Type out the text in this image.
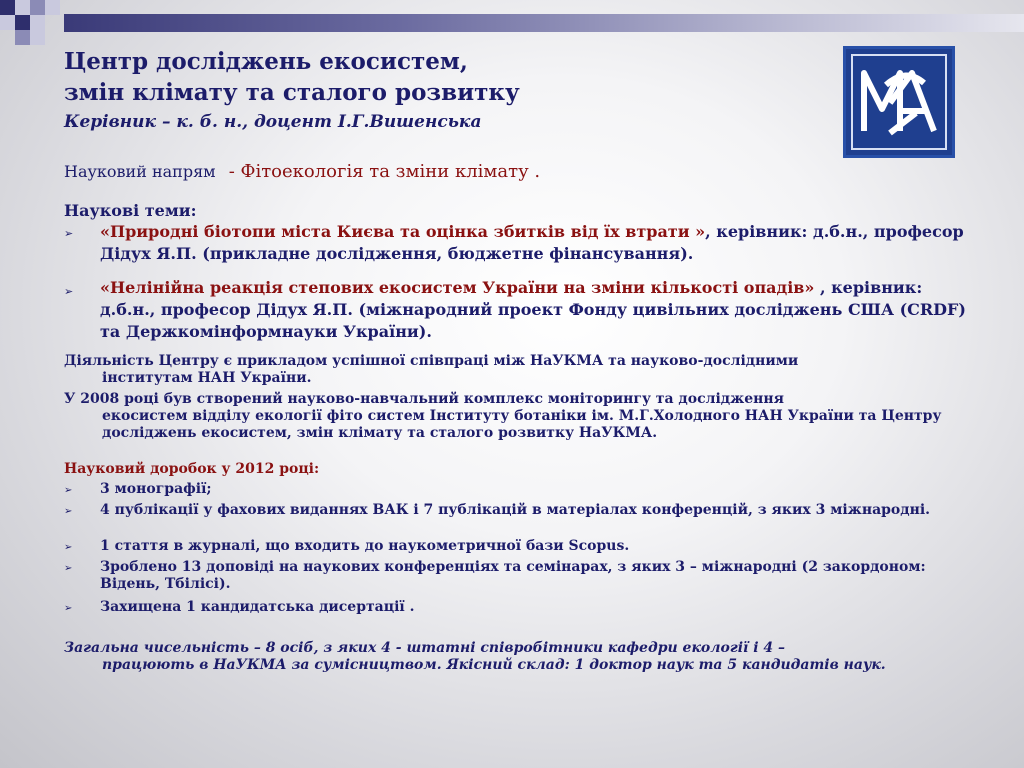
Центр досліджень екосистем,
змін клімату та сталого розвитку
Керівник – к. б. н., доцент І.Г.Вишенська
Науковий напрям - Фітоекологія та зміни клімату .
Наукові теми:
➢ «Природні біотопи міста Києва та оцінка збитків від їх втрати », керівник: д.б.н., професор Дідух Я.П. (прикладне дослідження, бюджетне фінансування).
➢ «Нелінійна реакція степових екосистем України на зміни кількості опадів» , керівник: д.б.н., професор Дідух Я.П. (міжнародний проект Фонду цивільних досліджень США (CRDF) та Держкомінформнауки України).
Діяльність Центру є прикладом успішної співпраці між НаУКМА та науково-дослідними
інститутам НАН України.
У 2008 році був створений науково-навчальний комплекс моніторингу та дослідження
екосистем відділу екології фіто систем Інституту ботаніки ім. М.Г.Холодного НАН України та Центру досліджень екосистем, змін клімату та сталого розвитку НаУКМА.
Науковий доробок у 2012 році:
➢ 3 монографії;
➢ 4 публікації у фахових виданнях ВАК і 7 публікацій в матеріалах конференцій, з яких 3 міжнародні.
➢ 1 стаття в журналі, що входить до наукометричної бази Scopus.
➢ Зроблено 13 доповіді на наукових конференціях та семінарах, з яких 3 – міжнародні (2 закордоном: Відень, Тбілісі).
➢ Захищена 1 кандидатська дисертації .
Загальна чисельність – 8 осіб, з яких 4 - штатні співробітники кафедри екології і 4 –
працюють в НаУКМА за сумісництвом. Якісний склад: 1 доктор наук та 5 кандидатів наук.
